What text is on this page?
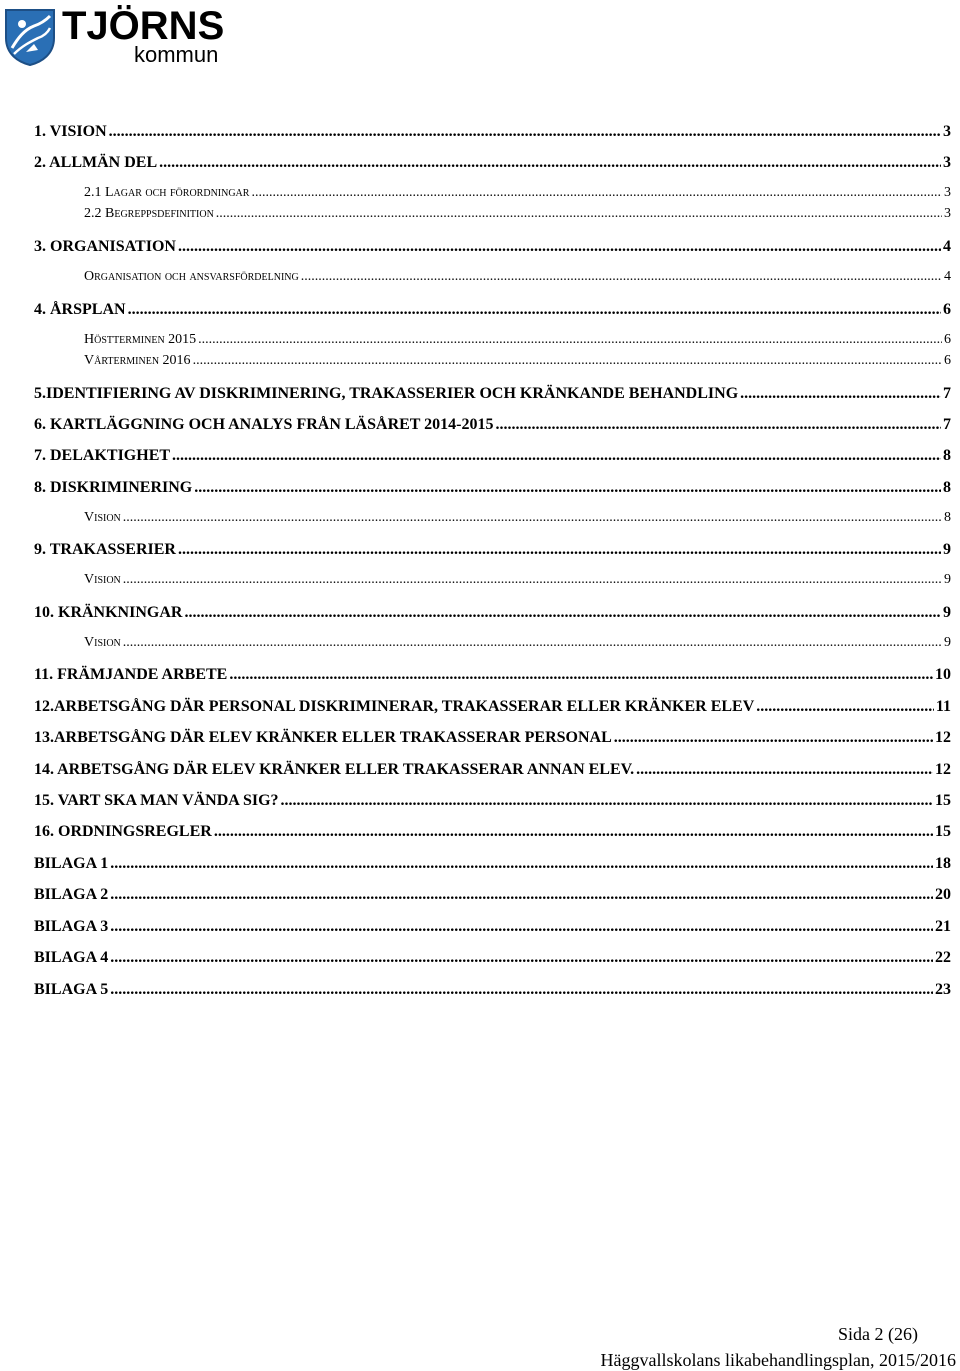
TJÖRNS
kommun
1. VISION .....	3
2. ALLMÄN DEL .....	3
2.1 Lagar och förordningar .....	3
2.2 Begreppsdefinition .....	3
3. ORGANISATION .....	4
Organisation och ansvarsfördelning .....	4
4. ÅRSPLAN .....	6
Höstterminen 2015 .....	6
Vårterminen 2016 .....	6
5. IDENTIFIERING AV DISKRIMINERING, TRAKASSERIER OCH KRÄNKANDE BEHANDLING .....	7
6. KARTLÄGGNING OCH ANALYS FRÅN LÄSÅRET 2014-2015 .....	7
7. DELAKTIGHET .....	8
8. DISKRIMINERING .....	8
Vision .....	8
9. TRAKASSERIER .....	9
Vision .....	9
10. KRÄNKNINGAR .....	9
Vision .....	9
11. FRÄMJANDE ARBETE .....	10
12. ARBETSGÅNG DÄR PERSONAL DISKRIMINERAR, TRAKASSERAR ELLER KRÄNKER ELEV .....	11
13. ARBETSGÅNG DÄR ELEV KRÄNKER ELLER TRAKASSERAR PERSONAL .....	12
14. ARBETSGÅNG DÄR ELEV KRÄNKER ELLER TRAKASSERAR ANNAN ELEV. .....	12
15. VART SKA MAN VÄNDA SIG? .....	15
16. ORDNINGSREGLER .....	15
BILAGA 1 .....	18
BILAGA 2 .....	20
BILAGA 3 .....	21
BILAGA 4 .....	22
BILAGA 5 .....	23
Sida 2 (26)
Häggvallskolans likabehandlingsplan, 2015/2016
